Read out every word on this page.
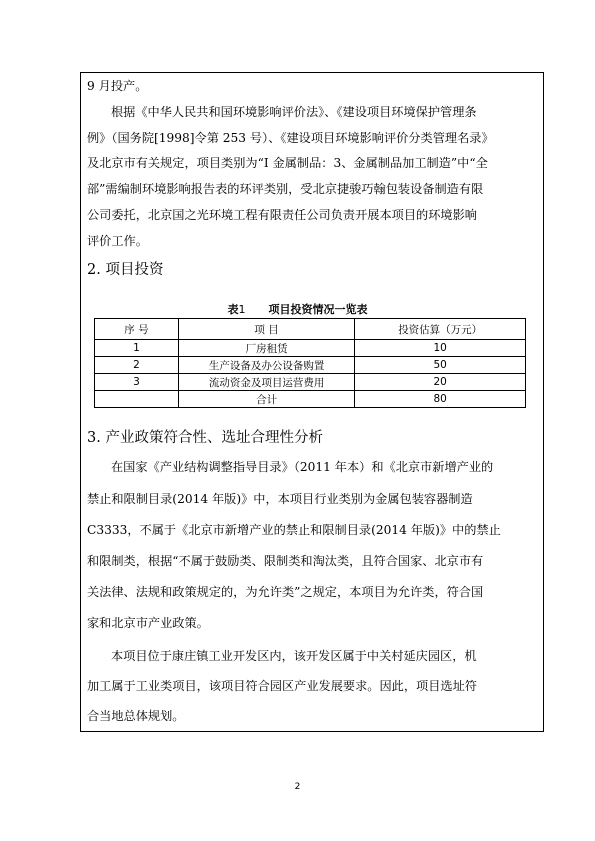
9 月投产。
根据《中华人民共和国环境影响评价法》、《建设项目环境保护管理条
例》（国务院[1998]令第 253 号）、《建设项目环境影响评价分类管理名录》
及北京市有关规定，项目类别为“I 金属制品：3、金属制品加工制造”中“全
部”需编制环境影响报告表的环评类别，受北京捷骏巧翰包装设备制造有限
公司委托，北京国之光环境工程有限责任公司负责开展本项目的环境影响
评价工作。
2. 项目投资
表1 项目投资情况一览表
序 号	项 目	投资估算（万元）
1	厂房租赁	10
2	生产设备及办公设备购置	50
3	流动资金及项目运营费用	20
	合计	80
3. 产业政策符合性、选址合理性分析
在国家《产业结构调整指导目录》（2011 年本）和《北京市新增产业的
禁止和限制目录(2014 年版)》中，本项目行业类别为金属包装容器制造
C3333，不属于《北京市新增产业的禁止和限制目录(2014 年版)》中的禁止
和限制类，根据“不属于鼓励类、限制类和淘汰类，且符合国家、北京市有
关法律、法规和政策规定的，为允许类”之规定，本项目为允许类，符合国
家和北京市产业政策。
本项目位于康庄镇工业开发区内，该开发区属于中关村延庆园区，机
加工属于工业类项目，该项目符合园区产业发展要求。因此，项目选址符
合当地总体规划。
2
